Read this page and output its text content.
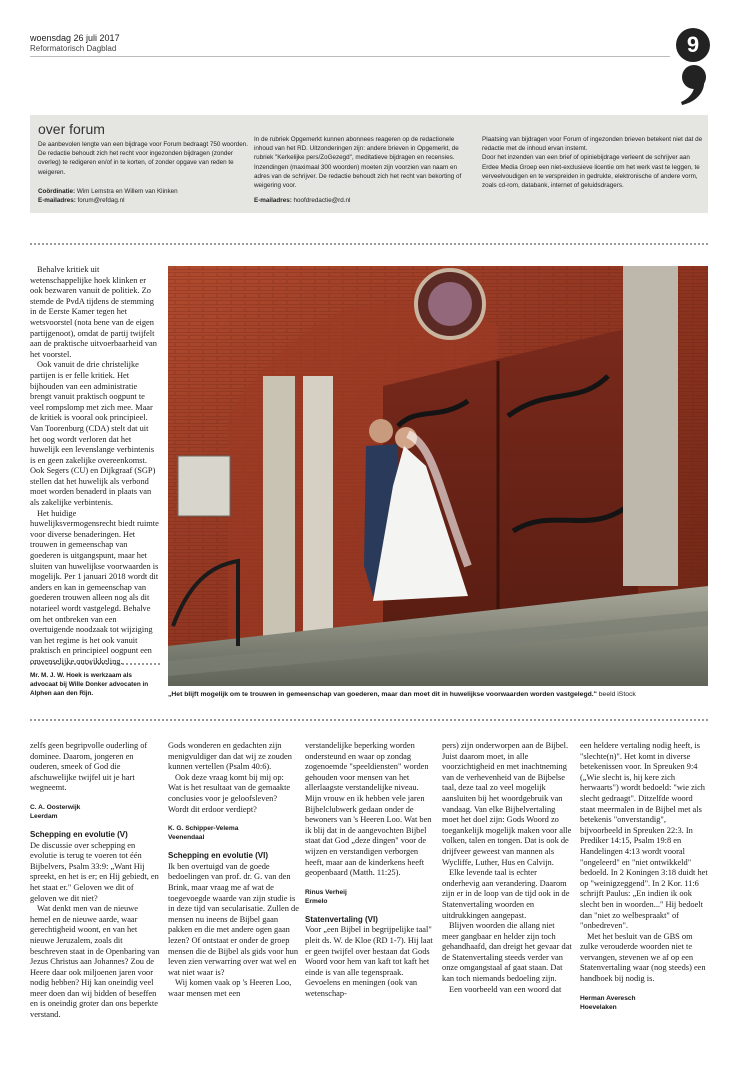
woensdag 26 juli 2017
Reformatorisch Dagblad	9
over forum

De aanbevolen lengte van een bijdrage voor Forum bedraagt 750 woorden. De redactie behoudt zich het recht voor ingezonden bijdragen (zonder overleg) te redigeren en/of in te korten, of zonder opgave van reden te weigeren.

Coördinatie: Wim Lemstra en Willem van Klinken
E-mailadres: forum@refdag.nl

In de rubriek Opgemerkt kunnen abonnees reageren op de redactionele inhoud van het RD. Uitzonderingen zijn: andere brieven in Opgemerkt, de rubriek "Kerkelijke pers/ZoGezegd", meditatieve bijdragen en recensies. Inzendingen (maximaal 300 woorden) moeten zijn voorzien van naam en adres van de schrijver. De redactie behoudt zich het recht van bekorting of weigering voor.

E-mailadres: hoofdredactie@rd.nl
Plaatsing van bijdragen voor Forum of ingezonden brieven betekent niet dat de redactie met de inhoud ervan instemt.
Door het inzenden van een brief of opiniebijdrage verleent de schrijver aan Erdee Media Groep een niet-exclusieve licentie om het werk vast te leggen, te verveelvoudigen en te verspreiden in gedrukte, elektronische of andere vorm, zoals cd-rom, databank, internet of geluidsdragers.

Behalve kritiek uit wetenschappelijke hoek klinken er ook bezwaren vanuit de politiek. Zo stemde de PvdA tijdens de stemming in de Eerste Kamer tegen het wetsvoorstel (nota bene van de eigen partijgenoot), omdat de partij twijfelt aan de praktische uitvoerbaarheid van het voorstel.

Ook vanuit de drie christelijke partijen is er felle kritiek. Het bijhouden van een administratie brengt vanuit praktisch oogpunt te veel rompslomp met zich mee. Maar de kritiek is vooral ook principieel. Van Toorenburg (CDA) stelt dat uit het oog wordt verloren dat het huwelijk een levenslange verbintenis is en geen zakelijke overeenkomst. Ook Segers (CU) en Dijkgraaf (SGP) stellen dat het huwelijk als verbond moet worden benaderd in plaats van als zakelijke verbintenis.

Het huidige huwelijksvermogensrecht biedt ruimte voor diverse benaderingen. Het trouwen in gemeenschap van goederen is uitgangspunt, maar het sluiten van huwelijkse voorwaarden is mogelijk. Per 1 januari 2018 wordt dit anders en kan in gemeenschap van goederen trouwen alleen nog als dit notarieel wordt vastgelegd. Behalve om het ontbreken van een overtuigende noodzaak tot wijziging van het regime is het ook vanuit praktisch en principieel oogpunt een onwenselijke ontwikkeling.

Mr. M. J. W. Hoek is werkzaam als advocaat bij Wille Donker advocaten in Alphen aan den Rijn.	„Het blijft mogelijk om te trouwen in gemeenschap van goederen, maar dan moet dit in huwelijkse voorwaarden worden vastgelegd." beeld iStock

zelfs geen begripvolle ouderling of dominee. Daarom, jongeren en ouderen, smeek of God die afschuwelijke twijfel uit je hart wegneemt.

C. A. Oosterwijk
Leerdam
Schepping en evolutie (V)

De discussie over schepping en evolutie is terug te voeren tot één Bijbelvers, Psalm 33:9: „Want Hij spreekt, en het is er; en Hij gebiedt, en het staat er." Geloven we dit of geloven we dit niet?

Wat denkt men van de nieuwe hemel en de nieuwe aarde, waar gerechtigheid woont, en van het nieuwe Jeruzalem, zoals dit beschreven staat in de Openbaring van Jezus Christus aan Johannes? Zou de Heere daar ook miljoenen jaren voor nodig hebben? Hij kan oneindig veel meer doen dan wij bidden of beseffen en is oneindig groter dan ons beperkte verstand.

Gods wonderen en gedachten zijn menigvuldiger dan dat wij ze zouden kunnen vertellen (Psalm 40:6).

Ook deze vraag komt bij mij op: Wat is het resultaat van de gemaakte conclusies voor je geloofsleven? Wordt dit erdoor verdiept?

K. G. Schipper-Velema
Veenendaal
Schepping en evolutie (VI)

Ik ben overtuigd van de goede bedoelingen van prof. dr. G. van den Brink, maar vraag me af wat de toegevoegde waarde van zijn studie is in deze tijd van secularisatie. Zullen de mensen nu ineens de Bijbel gaan pakken en die met andere ogen gaan lezen? Of ontstaat er onder de groep mensen die de Bijbel als gids voor hun leven zien verwarring over wat wel en wat niet waar is?

Wij komen vaak op 's Heeren Loo, waar mensen met een

verstandelijke beperking worden ondersteund en waar op zondag zogenoemde "speeldiensten" worden gehouden voor mensen van het allerlaagste verstandelijke niveau. Mijn vrouw en ik hebben vele jaren Bijbelclubwerk gedaan onder de bewoners van 's Heeren Loo. Wat ben ik blij dat in de aangevochten Bijbel staat dat God „deze dingen" voor de wijzen en verstandigen verborgen heeft, maar aan de kinderkens heeft geopenbaard (Matth. 11:25).

Rinus Verheij
Ermelo
Statenvertaling (VI)

Voor „een Bijbel in begrijpelijke taal" pleit ds. W. de Kloe (RD 1-7). Hij laat er geen twijfel over bestaan dat Gods Woord voor hem van kaft tot kaft het einde is van alle tegenspraak. Gevoelens en meningen (ook van wetenschap-

pers) zijn onderworpen aan de Bijbel. Juist daarom moet, in alle voorzichtigheid en met inachtneming van de verhevenheid van de Bijbelse taal, deze taal zo veel mogelijk aansluiten bij het woordgebruik van vandaag. Van elke Bijbelvertaling moet het doel zijn: Gods Woord zo toegankelijk mogelijk maken voor alle volken, talen en tongen. Dat is ook de drijfveer geweest van mannen als Wycliffe, Luther, Hus en Calvijn.

Elke levende taal is echter onderhevig aan verandering. Daarom zijn er in de loop van de tijd ook in de Statenvertaling woorden en uitdrukkingen aangepast.

Blijven woorden die allang niet meer gangbaar en helder zijn toch gehandhaafd, dan dreigt het gevaar dat de Statenvertaling steeds verder van onze omgangstaal af gaat staan. Dat kan toch niemands bedoeling zijn.

Een voorbeeld van een woord dat

een heldere vertaling nodig heeft, is "slechte(n)". Het komt in diverse betekenissen voor. In Spreuken 9:4 („Wie slecht is, hij kere zich herwaarts") wordt bedoeld: "wie zich slecht gedraagt". Ditzelfde woord staat meermalen in de Bijbel met als betekenis "onverstandig", bijvoorbeeld in Spreuken 22:3. In Prediker 14:15, Psalm 19:8 en Handelingen 4:13 wordt vooral "ongeleerd" en "niet ontwikkeld" bedoeld. In 2 Koningen 3:18 duidt het op "weinigzeggend". In 2 Kor. 11:6 schrijft Paulus: „En indien ik ook slecht ben in woorden..." Hij bedoelt dan "niet zo welbespraakt" of "onbedreven".

Met het besluit van de GBS om zulke verouderde woorden niet te vervangen, stevenen we af op een Statenvertaling waar (nog steeds) een handboek bij nodig is.

Herman Averesch
Hoevelaken
